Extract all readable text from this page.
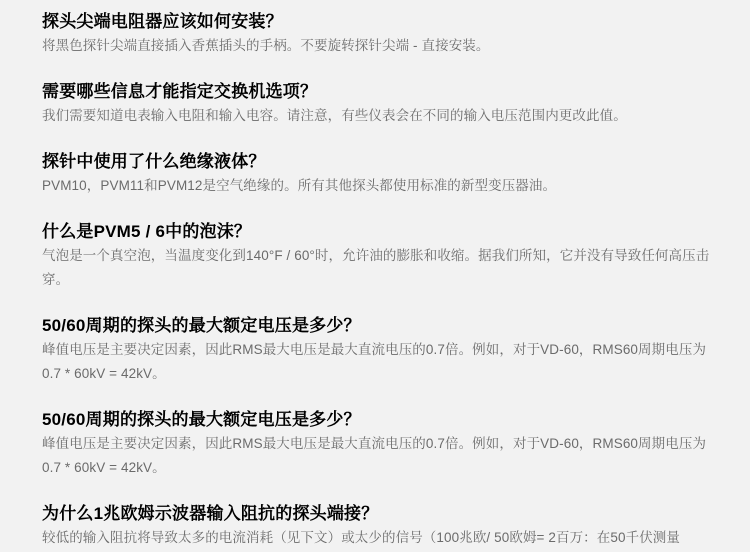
探头尖端电阻器应该如何安装？

将黑色探针尖端直接插入香蕉插头的手柄。不要旋转探针尖端 - 直接安装。

需要哪些信息才能指定交换机选项？

我们需要知道电表输入电阻和输入电容。请注意，有些仪表会在不同的输入电压范围内更改此值。

探针中使用了什么绝缘液体？

PVM10，PVM11和PVM12是空气绝缘的。所有其他探头都使用标准的新型变压器油。

什么是PVM5 / 6中的泡沫？

气泡是一个真空泡，当温度变化到140°F / 60°时，允许油的膨胀和收缩。据我们所知，它并没有导致任何高压击穿。

50/60周期的探头的最大额定电压是多少？

峰值电压是主要决定因素，因此RMS最大电压是最大直流电压的0.7倍。例如，对于VD-60，RMS60周期电压为0.7 * 60kV = 42kV。

50/60周期的探头的最大额定电压是多少？

峰值电压是主要决定因素，因此RMS最大电压是最大直流电压的0.7倍。例如，对于VD-60，RMS60周期电压为0.7 * 60kV = 42kV。

为什么1兆欧姆示波器输入阻抗的探头端接？

较低的输入阻抗将导致太多的电流消耗（见下文）或太少的信号（100兆欧/ 50欧姆= 2百万：在50千伏测量
